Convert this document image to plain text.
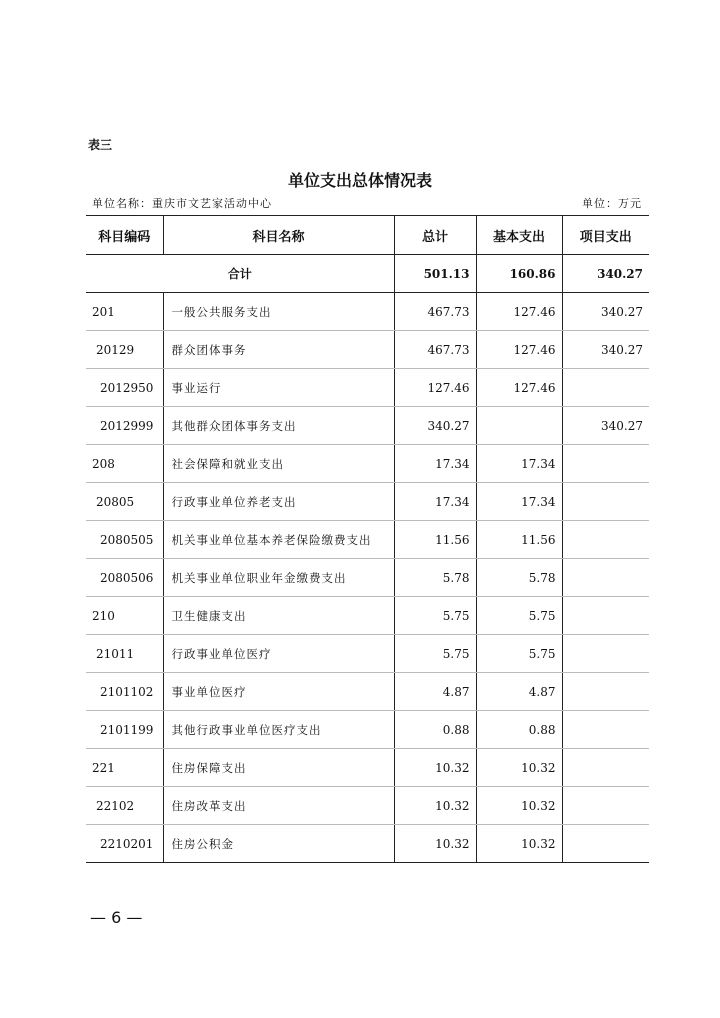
表三
单位支出总体情况表
单位名称：重庆市文艺家活动中心	单位：万元
科目编码	科目名称	总计	基本支出	项目支出
合计		501.13	160.86	340.27
201	一般公共服务支出	467.73	127.46	340.27
20129	群众团体事务	467.73	127.46	340.27
2012950	事业运行	127.46	127.46	
2012999	其他群众团体事务支出	340.27		340.27
208	社会保障和就业支出	17.34	17.34	
20805	行政事业单位养老支出	17.34	17.34	
2080505	机关事业单位基本养老保险缴费支出	11.56	11.56	
2080506	机关事业单位职业年金缴费支出	5.78	5.78	
210	卫生健康支出	5.75	5.75	
21011	行政事业单位医疗	5.75	5.75	
2101102	事业单位医疗	4.87	4.87	
2101199	其他行政事业单位医疗支出	0.88	0.88	
221	住房保障支出	10.32	10.32	
22102	住房改革支出	10.32	10.32	
2210201	住房公积金	10.32	10.32	
— 6 —
